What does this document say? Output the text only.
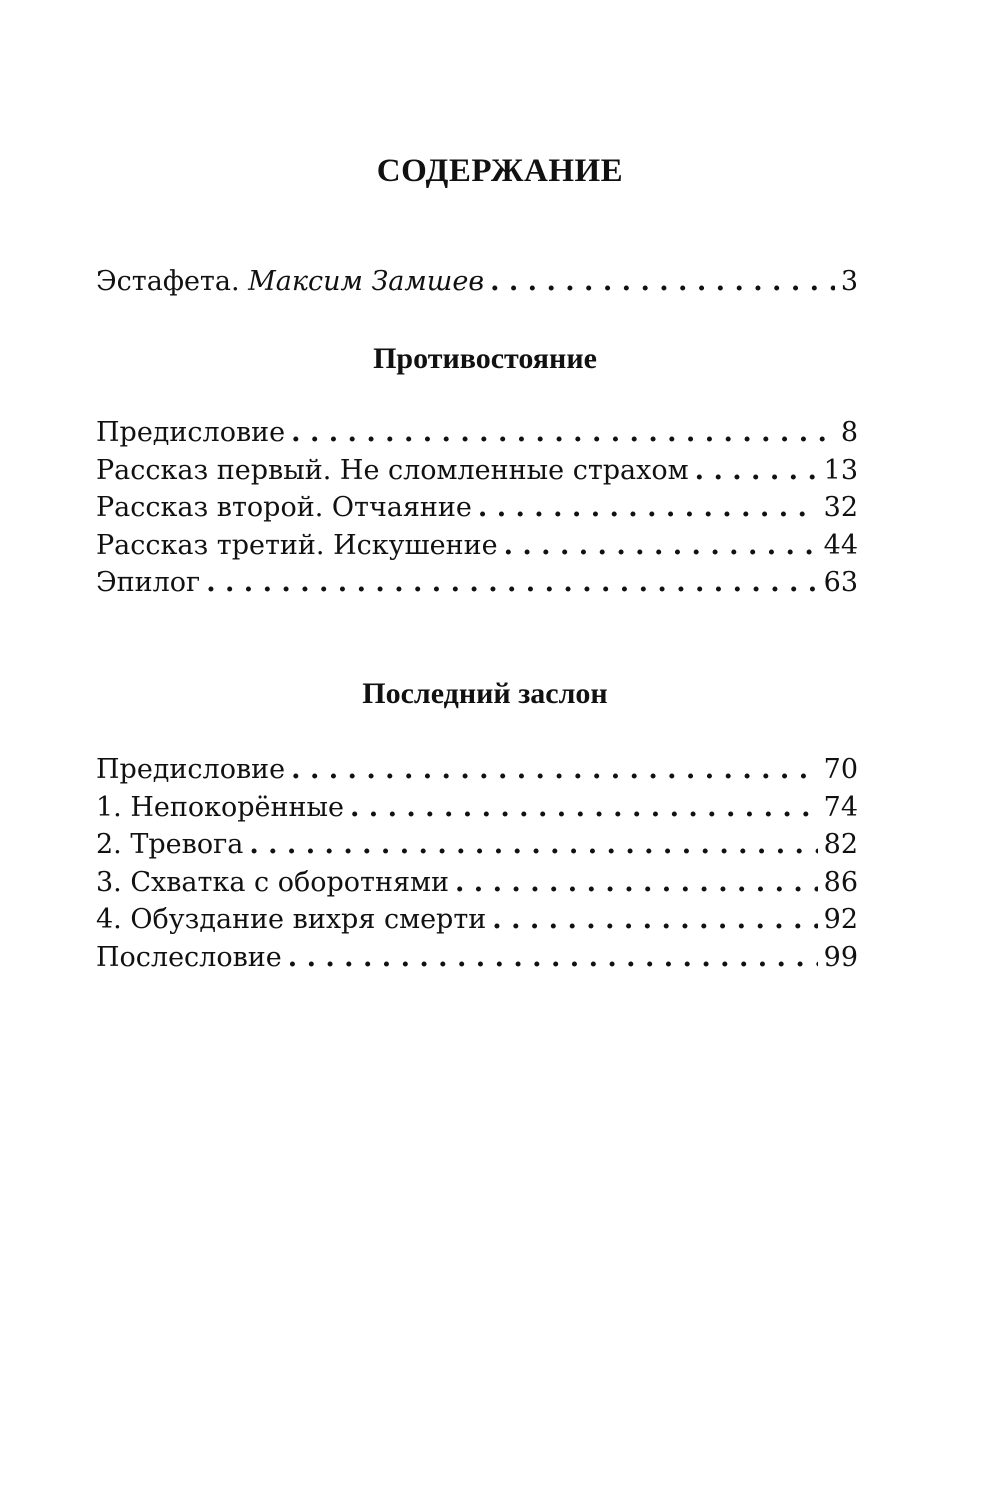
СОДЕРЖАНИЕ
Эстафета. Максим Замшев . . .	3
Противостояние
Предисловие . . .	8
Рассказ первый. Не сломленные страхом . . .	13
Рассказ второй. Отчаяние . . .	32
Рассказ третий. Искушение . . .	44
Эпилог . . .	63
Последний заслон
Предисловие . . .	70
1. Непокорённые . . .	74
2. Тревога . . .	82
3. Схватка с оборотнями . . .	86
4. Обуздание вихря смерти . . .	92
Послесловие . . .	99
